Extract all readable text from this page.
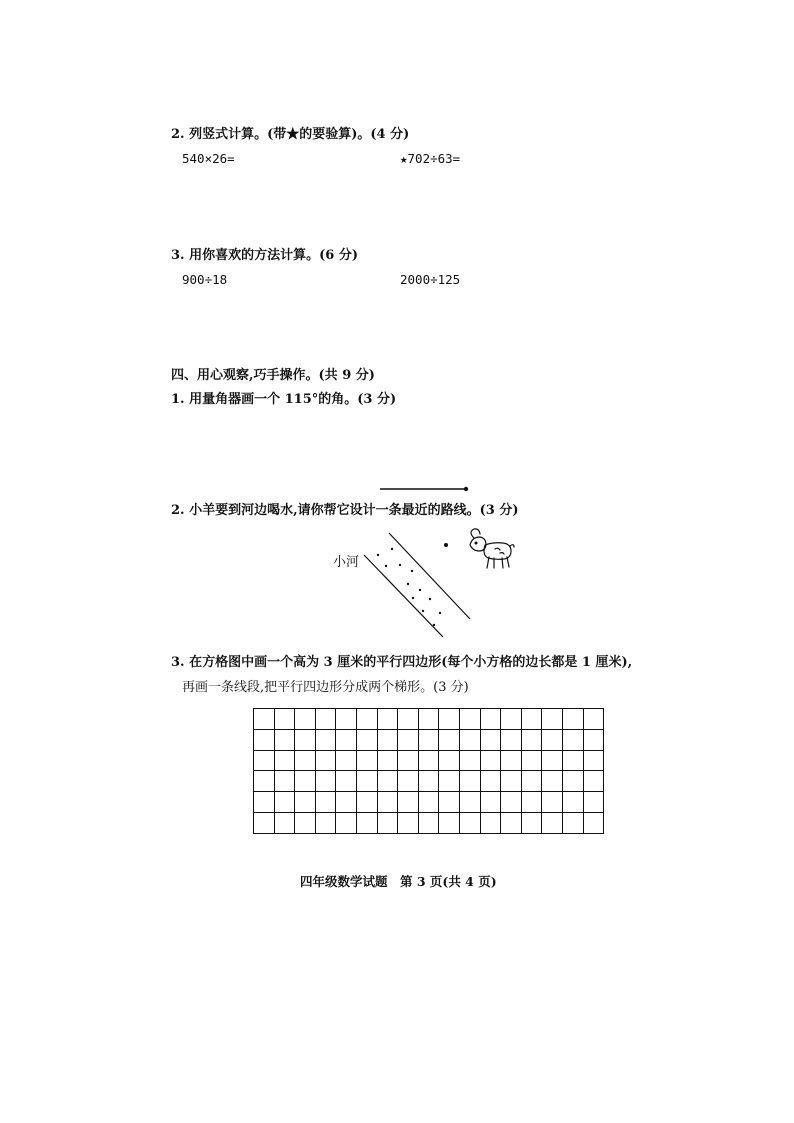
2. 列竖式计算。(带★的要验算)。(4 分)
540×26=	★702÷63=
3. 用你喜欢的方法计算。(6 分)
900÷18	2000÷125
四、用心观察,巧手操作。(共 9 分)
1. 用量角器画一个 115°的角。(3 分)
2. 小羊要到河边喝水,请你帮它设计一条最近的路线。(3 分)
小河
3. 在方格图中画一个高为 3 厘米的平行四边形(每个小方格的边长都是 1 厘米),
再画一条线段,把平行四边形分成两个梯形。(3 分)

四年级数学试题　第 3 页(共 4 页)
